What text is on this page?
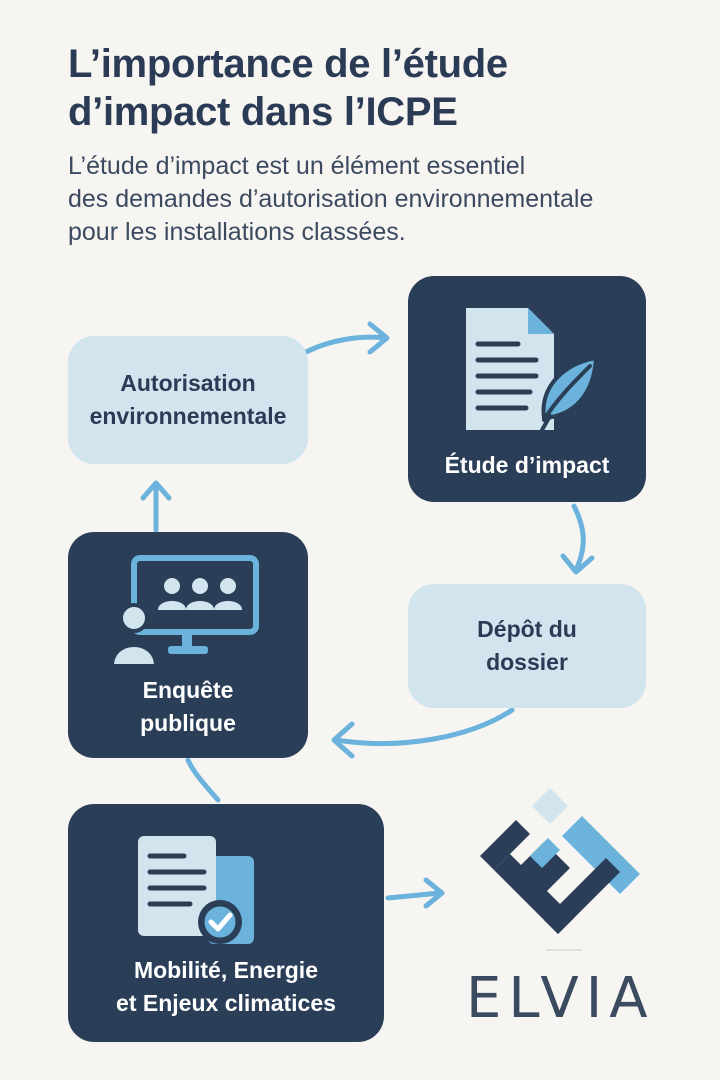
L’importance de l’étude
d’impact dans l’ICPE
L’étude d’impact est un élément essentiel
des demandes d’autorisation environnementale
pour les installations classées.
Autorisation
environnementale
Étude d’impact
Dépôt du
dossier
Enquête
publique
Mobilité, Energie
et Enjeux climatices ELVIA
